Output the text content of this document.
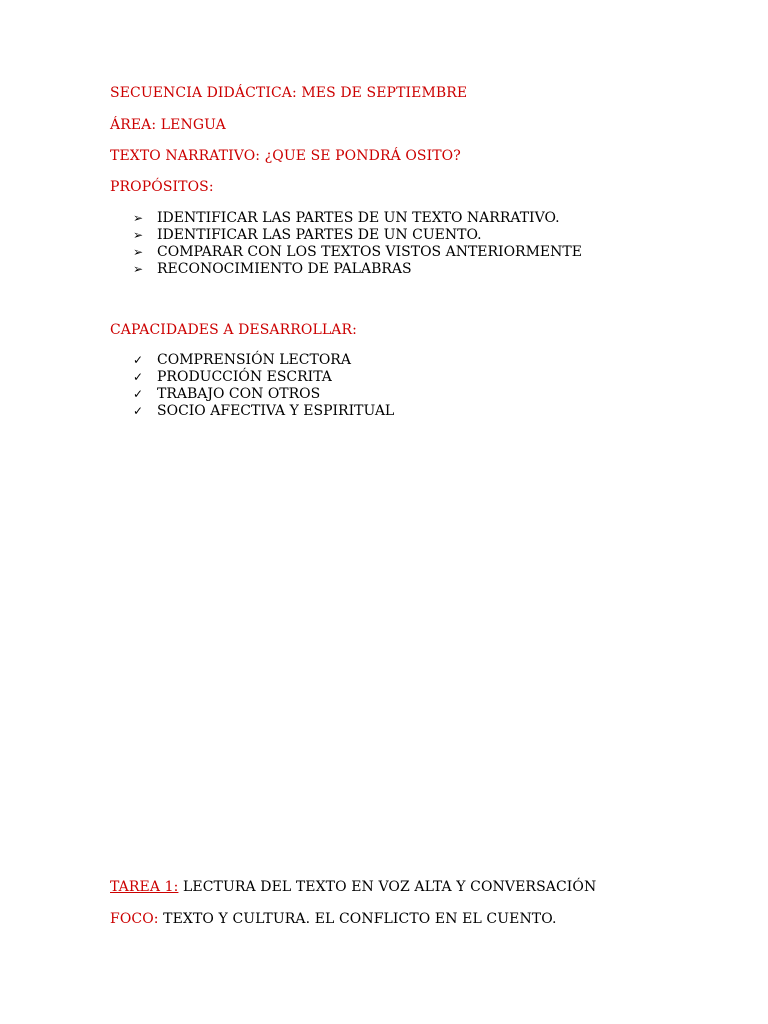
SECUENCIA DIDÁCTICA: MES DE SEPTIEMBRE

ÁREA: LENGUA

TEXTO NARRATIVO: ¿QUE SE PONDRÁ OSITO?

PROPÓSITOS:

➢ IDENTIFICAR LAS PARTES DE UN TEXTO NARRATIVO.
➢ IDENTIFICAR LAS PARTES DE UN CUENTO.
➢ COMPARAR CON LOS TEXTOS VISTOS ANTERIORMENTE
➢ RECONOCIMIENTO DE PALABRAS

CAPACIDADES A DESARROLLAR:

✓ COMPRENSIÓN LECTORA
✓ PRODUCCIÓN ESCRITA
✓ TRABAJO CON OTROS
✓ SOCIO AFECTIVA Y ESPIRITUAL

TAREA 1: LECTURA DEL TEXTO EN VOZ ALTA Y CONVERSACIÓN

FOCO: TEXTO Y CULTURA. EL CONFLICTO EN EL CUENTO.
